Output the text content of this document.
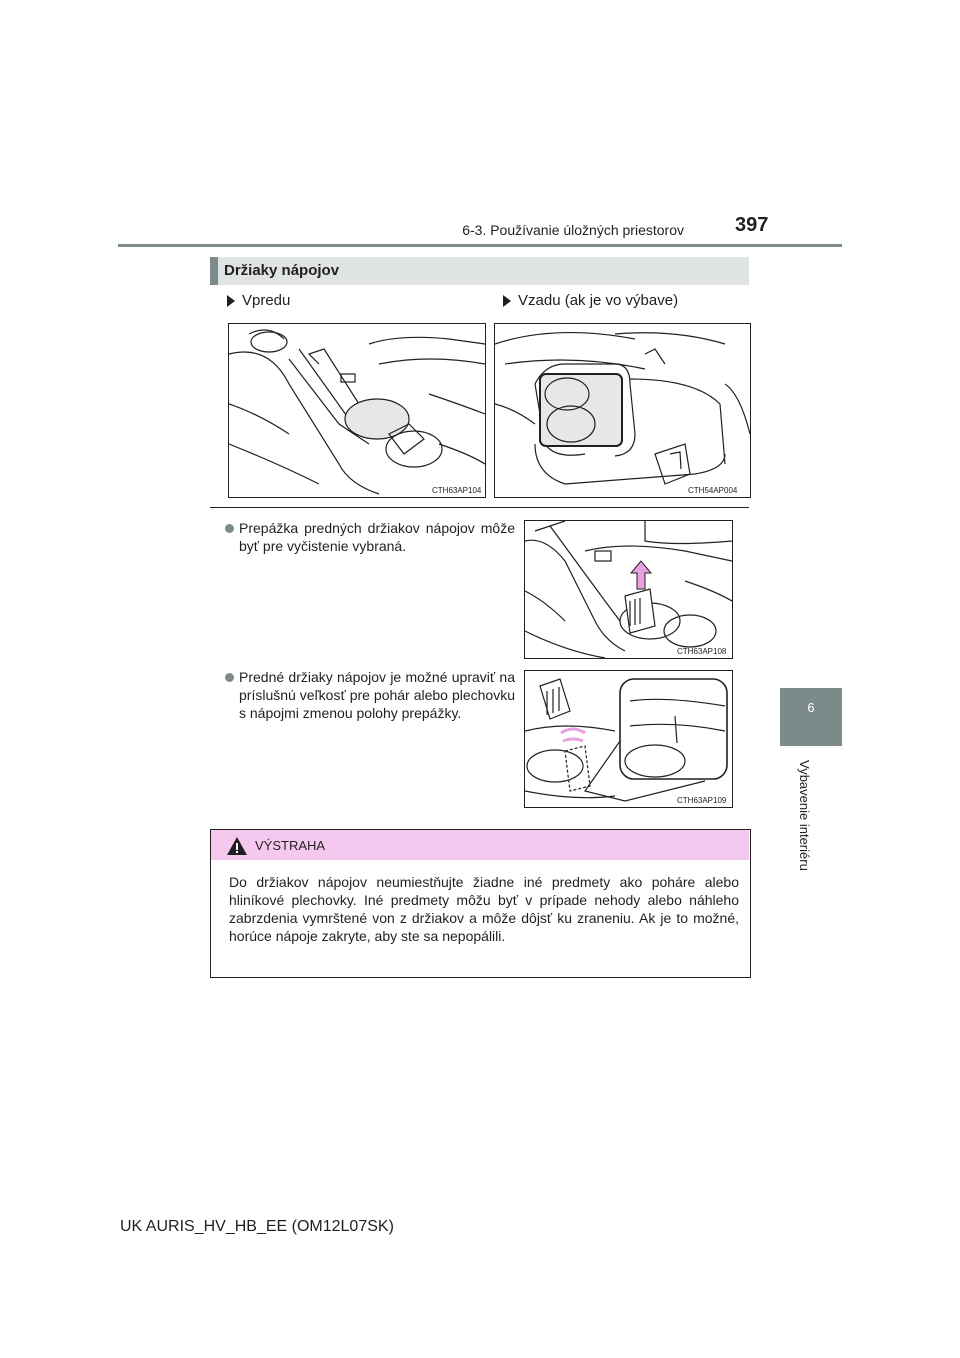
6-3. Používanie úložných priestorov	397
6
Vybavenie interiéru
Držiaky nápojov
Vpredu	Vzadu (ak je vo výbave)
CTH63AP104	CTH54AP004
Prepážka predných držiakov nápojov môže byť pre vyčistenie vybraná.
CTH63AP108
Predné držiaky nápojov je možné upraviť na príslušnú veľkosť pre pohár alebo plechovku s nápojmi zmenou polohy prepážky.
CTH63AP109
VÝSTRAHA
Do držiakov nápojov neumiestňujte žiadne iné predmety ako poháre alebo hliníkové plechovky. Iné predmety môžu byť v prípade nehody alebo náhleho zabrzdenia vymrštené von z držiakov a môže dôjsť ku zraneniu. Ak je to možné, horúce nápoje zakryte, aby ste sa nepopálili.
UK AURIS_HV_HB_EE (OM12L07SK)
